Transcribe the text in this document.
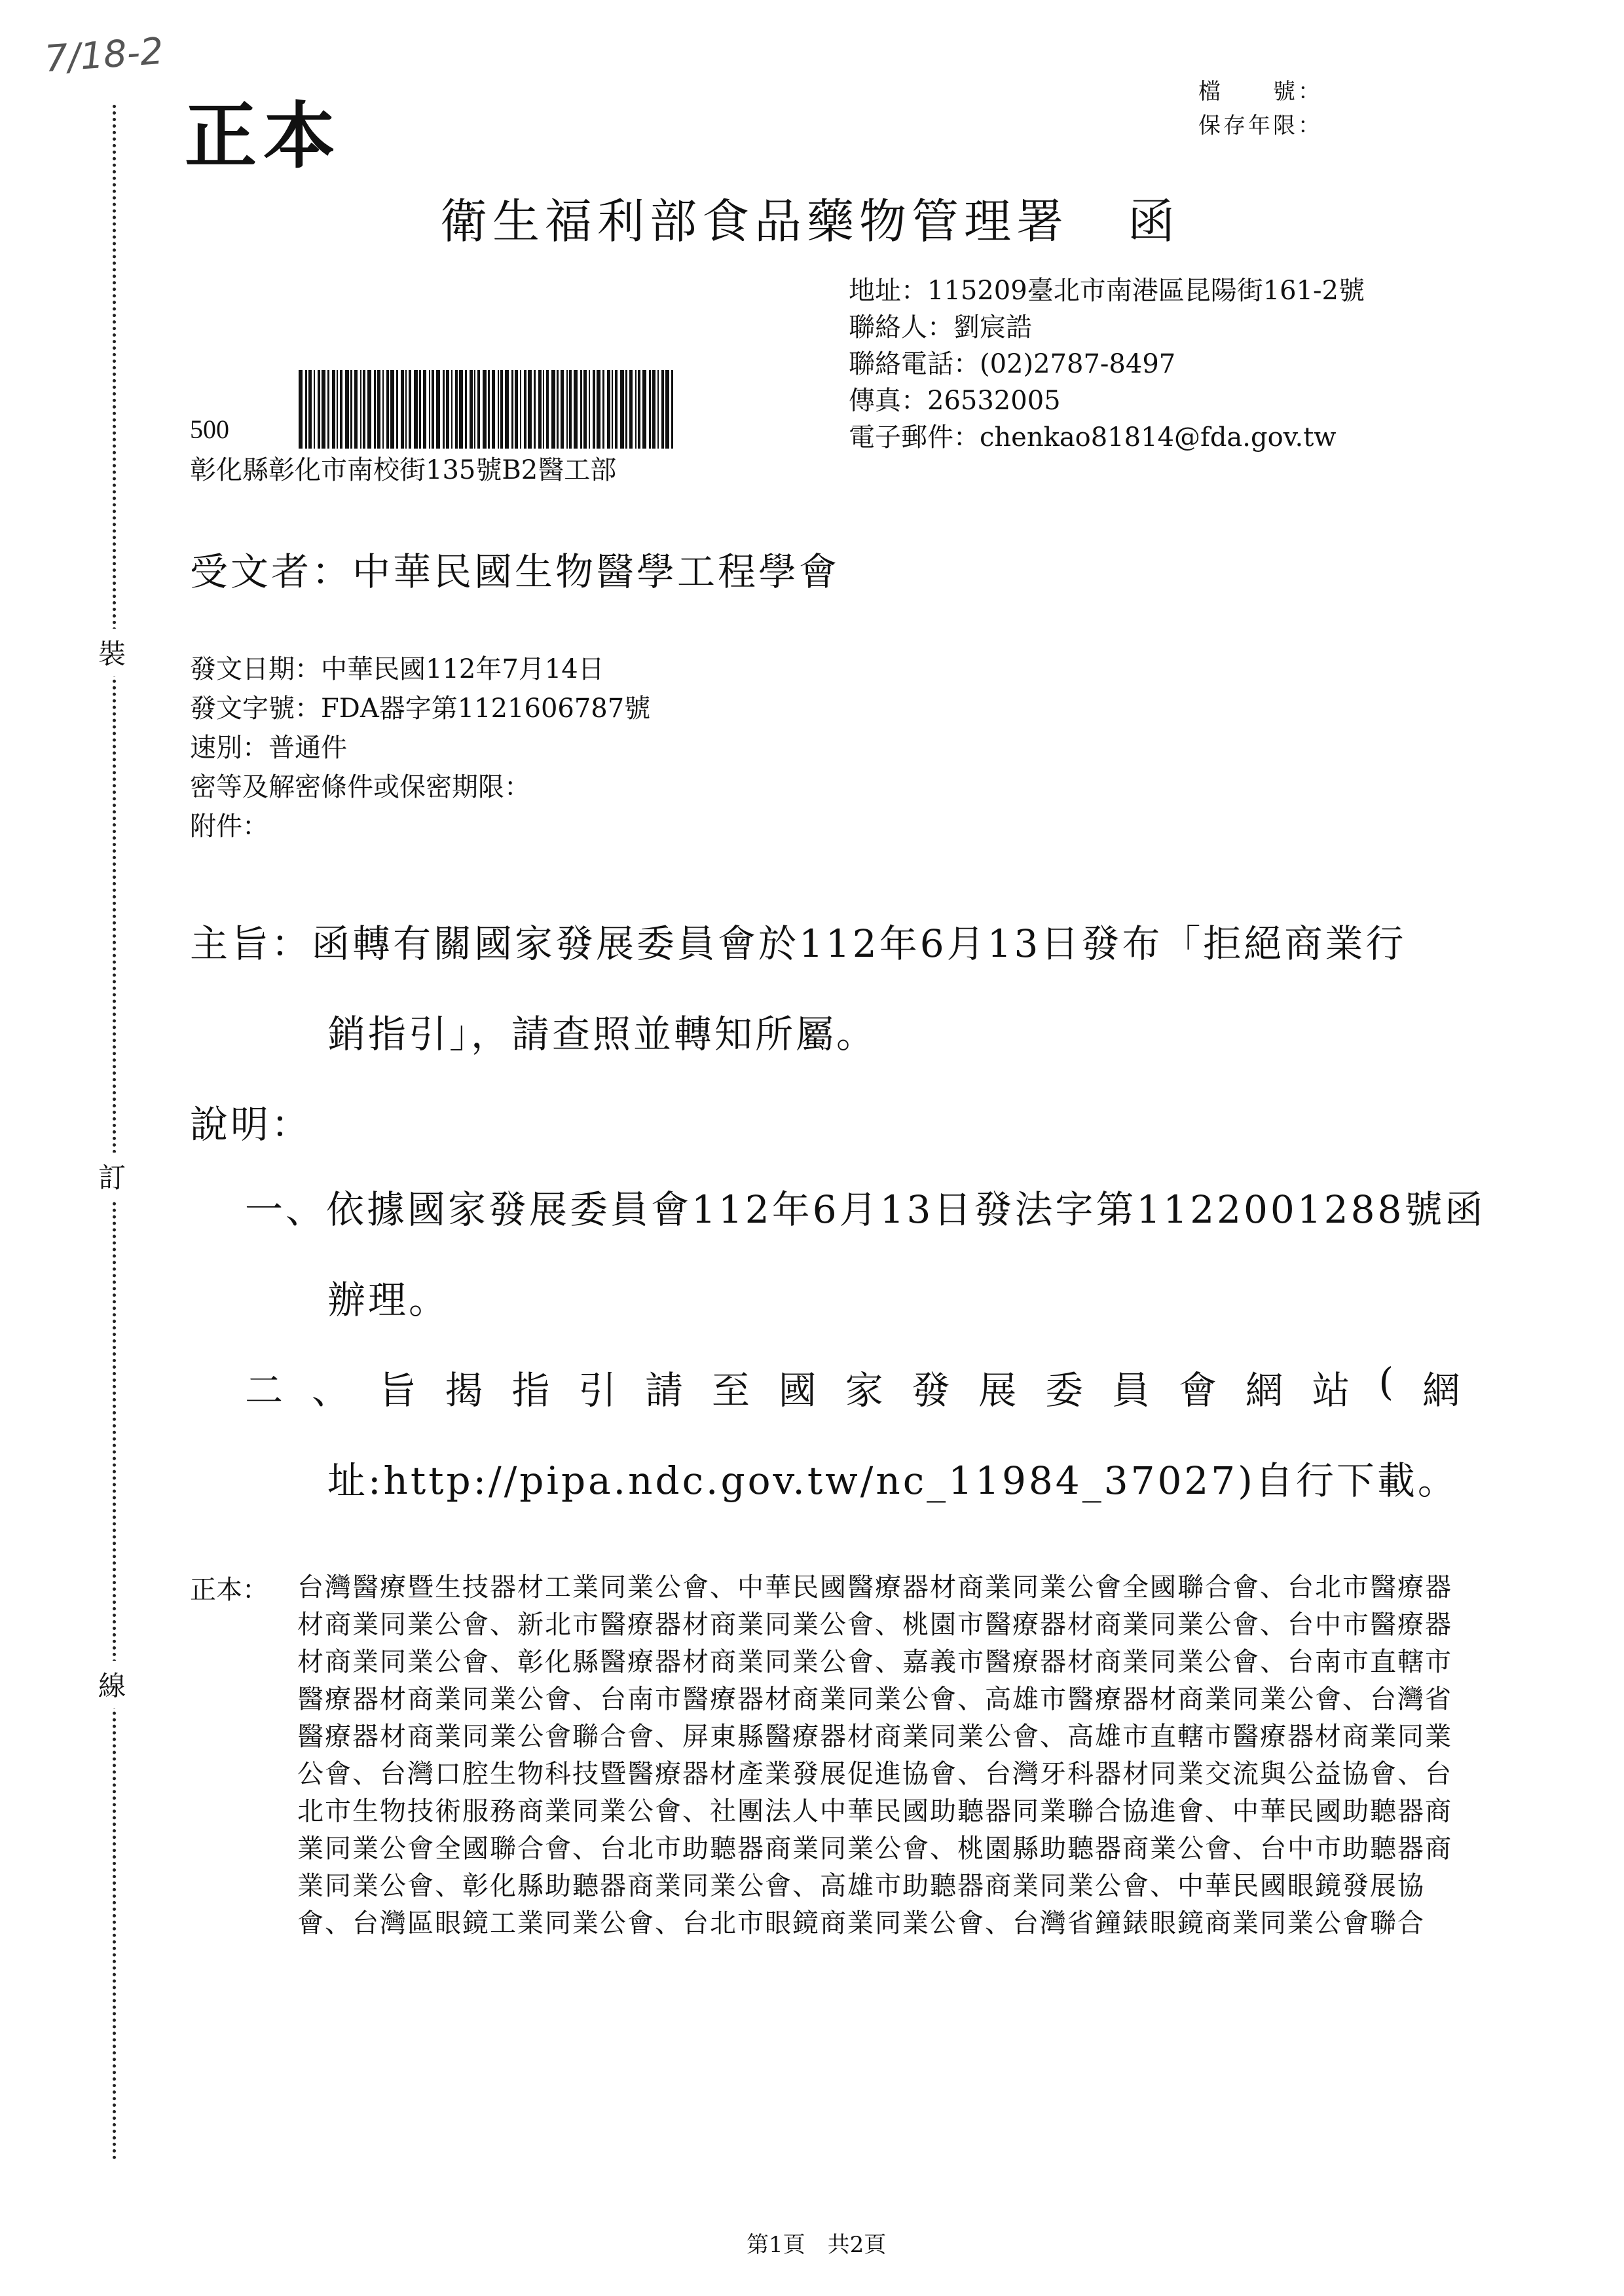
裝
訂
線
7/18-2
正本
檔　　號：
保存年限：
衛生福利部食品藥物管理署 函
地址：115209臺北市南港區昆陽街161-2號
聯絡人：劉宸誥
聯絡電話：(02)2787-8497
傳真：26532005
電子郵件：chenkao81814@fda.gov.tw
500
彰化縣彰化市南校街135號B2醫工部
受文者：中華民國生物醫學工程學會
發文日期：中華民國112年7月14日
發文字號：FDA器字第1121606787號
速別：普通件
密等及解密條件或保密期限：
附件：
主旨：函轉有關國家發展委員會於112年6月13日發布「拒絕商業行
銷指引」，請查照並轉知所屬。
說明：
一、依據國家發展委員會112年6月13日發法字第1122001288號函
辦理。
二 、 旨 揭 指 引 請 至 國 家 發 展 委 員 會 網 站 ( 網
址:http://pipa.ndc.gov.tw/nc_11984_37027)自行下載。
正本： 台灣醫療暨生技器材工業同業公會、中華民國醫療器材商業同業公會全國聯合會、台北市醫療器材商業同業公會、新北市醫療器材商業同業公會、桃園市醫療器材商業同業公會、台中市醫療器材商業同業公會、彰化縣醫療器材商業同業公會、嘉義市醫療器材商業同業公會、台南市直轄市醫療器材商業同業公會、台南市醫療器材商業同業公會、高雄市醫療器材商業同業公會、台灣省醫療器材商業同業公會聯合會、屏東縣醫療器材商業同業公會、高雄市直轄市醫療器材商業同業公會、台灣口腔生物科技暨醫療器材產業發展促進協會、台灣牙科器材同業交流與公益協會、台北市生物技術服務商業同業公會、社團法人中華民國助聽器同業聯合協進會、中華民國助聽器商業同業公會全國聯合會、台北市助聽器商業同業公會、桃園縣助聽器商業公會、台中市助聽器商業同業公會、彰化縣助聽器商業同業公會、高雄市助聽器商業同業公會、中華民國眼鏡發展協會、台灣區眼鏡工業同業公會、台北市眼鏡商業同業公會、台灣省鐘錶眼鏡商業同業公會聯合
第1頁　共2頁
